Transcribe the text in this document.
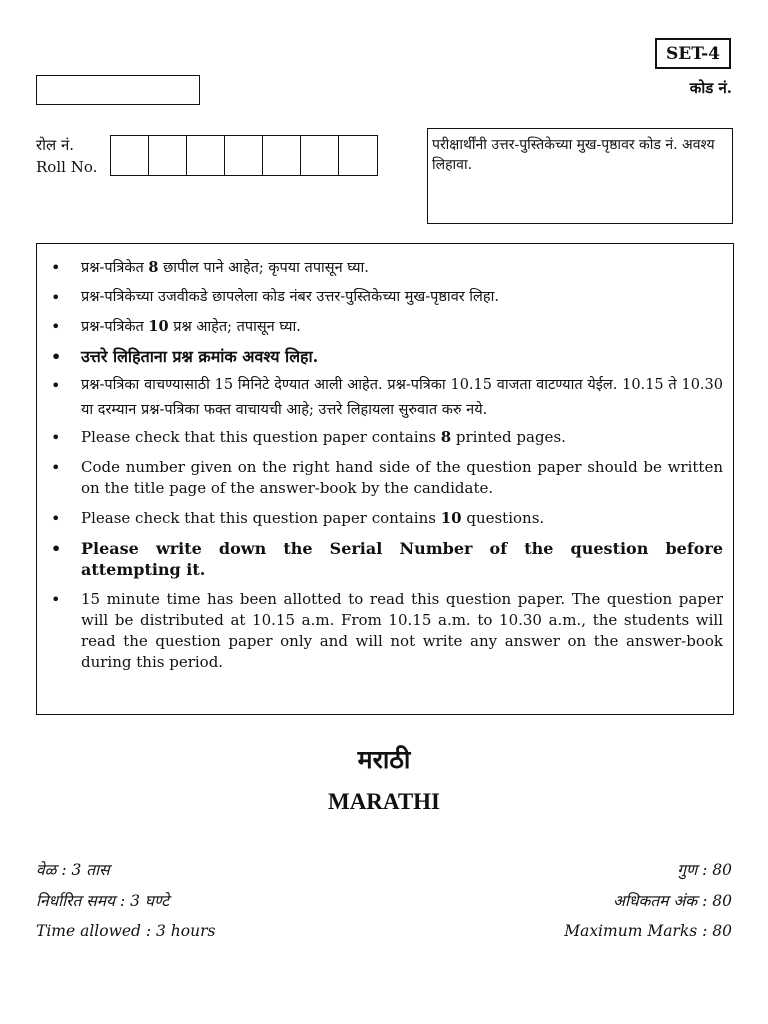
SET-4
कोड नं.
रोल नं.
Roll No.
परीक्षार्थींनी उत्तर-पुस्तिकेच्या मुख-पृष्ठावर कोड नं. अवश्य लिहावा.
• प्रश्न-पत्रिकेत 8 छापील पाने आहेत; कृपया तपासून घ्या.
• प्रश्न-पत्रिकेच्या उजवीकडे छापलेला कोड नंबर उत्तर-पुस्तिकेच्या मुख-पृष्ठावर लिहा.
• प्रश्न-पत्रिकेत 10 प्रश्न आहेत; तपासून घ्या.
• उत्तरे लिहिताना प्रश्न क्रमांक अवश्य लिहा.
• प्रश्न-पत्रिका वाचण्यासाठी 15 मिनिटे देण्यात आली आहेत. प्रश्न-पत्रिका 10.15 वाजता वाटण्यात येईल. 10.15 ते 10.30 या दरम्यान प्रश्न-पत्रिका फक्त वाचायची आहे; उत्तरे लिहायला सुरुवात करु नये.
• Please check that this question paper contains 8 printed pages.
• Code number given on the right hand side of the question paper should be written on the title page of the answer-book by the candidate.
• Please check that this question paper contains 10 questions.
• Please write down the Serial Number of the question before attempting it.
• 15 minute time has been allotted to read this question paper. The question paper will be distributed at 10.15 a.m. From 10.15 a.m. to 10.30 a.m., the students will read the question paper only and will not write any answer on the answer-book during this period.
मराठी
MARATHI
वेळ : 3 तास	गुण : 80
निर्धारित समय : 3 घण्टे	अधिकतम अंक : 80
Time allowed : 3 hours	Maximum Marks : 80
